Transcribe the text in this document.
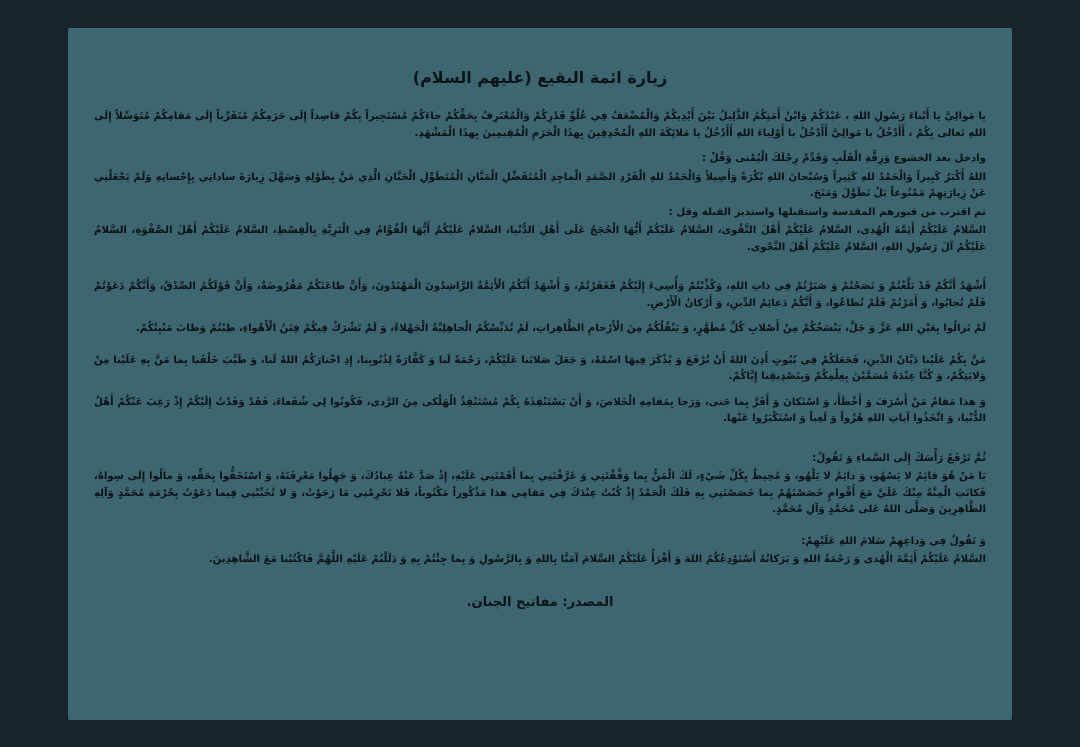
زيارة ائمة البقيع (عليهم السلام)

يا مَوالِيَّ يا أَبْناءَ رَسُولِ اللهِ ، عَبْدُكُمْ وَابْنُ أَمَتِكُمُ الذَّلِيلُ بَيْنَ أَيْدِيكُمْ وَالْمُضْعَفُ فِي عُلُوِّ قَدْرِكُمْ وَالْمُعْتَرِفُ بِحَقِّكُمْ جاءَكُمْ مُسْتَجِيراً بِكُمْ قاصِداً إِلَى حَرَمِكُمْ مُتَقَرِّباً إِلَى مَقامِكُمْ مُتَوَسِّلاً إِلَى اللهِ تَعالى بِكُمْ ، أَأَدْخُلُ يا مَوالِيَّ أَأَدْخُلُ يا أَوْلِياءَ اللهِ أَأَدْخُلُ يا مَلائِكَةَ اللهِ الْمُحْدِقِينَ بِهذَا الْحَرَمِ الْمُقِيمِينَ بِهذَا الْمَشْهَدِ.

وادخل بعد الخشوع وَرِقَّةِ الْقَلْبِ وَقَدِّمْ رِجْلَكَ الْيُمْنى وَقُلْ :

اللهُ أَكْبَرُ كَبِيراً وَالْحَمْدُ للهِ كَثِيراً وَسُبْحانَ اللهِ بُكْرَةً وَأَصِيلاً وَالْحَمْدُ للهِ الْفَرْدِ الصَّمَدِ الْماجِدِ الْمُتَفَضِّلِ الْمَنَّانِ الْمُتَطَوِّلِ الْحَنَّانِ الَّذِي مَنَّ بِطَوْلِهِ وَسَهَّلَ زِيارَةَ ساداتِي بِإِحْسانِهِ وَلَمْ يَجْعَلْنِي عَنْ زِيارَتِهِمْ مَمْنُوعاً بَلْ تَطَوَّلَ وَمَنَحَ.

ثم اقترب من قبورهم المقدسة واستقبلها واستدبر القبلة وقل :

السَّلامُ عَلَيْكُمْ أَئِمَّةَ الْهُدى، السَّلامُ عَلَيْكُمْ أَهْلَ التَّقْوى، السَّلامُ عَلَيْكُمْ أَيُّهَا الْحُجَجُ عَلَى أَهْلِ الدُّنْيا، السَّلامُ عَلَيْكُمُ أَيُّهَا الْقُوَّامُ فِي الْبَرِيَّةِ بِالْقِسْطِ، السَّلامُ عَلَيْكُمْ أَهْلَ الصَّفْوَةِ، السَّلامُ عَلَيْكُمْ آلَ رَسُولِ اللهِ، السَّلامُ عَلَيْكُمْ أَهْلَ النَّجْوى.

أَشْهَدُ أَنَّكُمْ قَدْ بَلَّغْتُمْ وَ نَصَحْتُمْ وَ صَبَرْتُمْ فِي ذاتِ اللهِ، وَكُذِّبْتُمْ وَأُسِيءَ إِلَيْكُمْ فَغَفَرْتُمْ، وَ أَشْهَدُ أَنَّكُمُ الْأَئِمَّةُ الرَّاشِدُونَ الْمَهْتَدُونَ، وَأَنَّ طاعَتَكُمْ مَفْرُوضَةٌ، وَأَنَّ قَوْلَكُمُ الصِّدْقُ، وَأَنَّكُمْ دَعَوْتُمْ فَلَمْ تُجابُوا، وَ أَمَرْتُمْ فَلَمْ تُطاعُوا، وَ أَنَّكُمْ دَعائِمُ الدِّينِ، وَ أَرْكانُ الْأَرْضِ.

لَمْ تَزالُوا بِعَيْنِ اللهِ عَزَّ وَ جَلَّ، يَنْسَخُكُمْ مِنْ أَصْلابِ كُلِّ مُطَهَّرٍ، وَ يَنْقُلُكُمْ مِنَ الْأَرْحامِ الطَّاهِراتِ، لَمْ تُدَنِّسْكُمُ الْجاهِلِيَّةُ الْجَهْلاءُ، وَ لَمْ تَشْرَكْ فِيكُمْ فِتَنُ الْأَهْواءِ، طِبْتُمْ وَطابَ مَنْبِتُكُمْ.

مَنَّ بِكُمْ عَلَيْنا دَيَّانُ الدِّينِ، فَجَعَلَكُمْ فِي بُيُوتٍ أَذِنَ اللهُ أَنْ تُرْفَعَ وَ يُذْكَرَ فِيهَا اسْمُهُ، وَ جَعَلَ صَلاتَنا عَلَيْكُمْ، رَحْمَةً لَنا وَ كَفَّارَةً لِذُنُوبِنا، إِذِ اخْتارَكُمُ اللهُ لَنا، وَ طَيَّبَ خَلْقَنا بِما مَنَّ بِهِ عَلَيْنا مِنْ وَلايَتِكُمْ، وَ كُنَّا عِنْدَهُ مُسَمَّيْنَ بِعِلْمِكُمْ وَبِتَصْدِيقِنا إِيَّاكُمْ.

وَ هذا مَقامُ مَنْ أَسْرَفَ وَ أَخْطَأَ، وَ اسْتَكانَ وَ أَقَرَّ بِما جَنى، وَرَجا بِمَقامِهِ الْخَلاصَ، وَ أَنْ يَسْتَنْقِذَهُ بِكُمْ مُسْتَنْقِذُ الْهَلْكى مِنَ الرَّدى، فَكُونُوا لِي شُفَعاءَ، فَقَدْ وَفَدْتُ إِلَيْكُمْ إِذْ رَغِبَ عَنْكُمْ أَهْلُ الدُّنْيا، وَ اتَّخَذُوا آياتِ اللهِ هُزُواً وَ لَعِباً وَ اسْتَكْبَرُوا عَنْها.

ثُمَّ تَرْفَعُ رَأْسَكَ إِلَى السَّماءِ وَ تَقُولُ:

يَا مَنْ هُوَ قائِمٌ لا يَسْهُو، وَ دائِمٌ لا يَلْهُو، وَ مُحِيطٌ بِكُلِّ شَيْءٍ، لَكَ الْمَنُّ بِما وَفَّقْتَنِي وَ عَرَّفْتَنِي بِما أَقَمْتَنِي عَلَيْهِ، إِذْ صَدَّ عَنْهُ عِبادُكَ، وَ جَهِلُوا مَعْرِفَتَهُ، وَ اسْتَخَفُّوا بِحَقِّهِ، وَ مالُوا إِلَى سِواهُ، فَكانَتِ الْمِنَّةُ مِنْكَ عَلَيَّ مَعَ أَقْوامٍ خَصَصْتَهُمْ بِما خَصَصْتَنِي بِهِ فَلَكَ الْحَمْدُ إِذْ كُنْتُ عِنْدَكَ فِي مَقامِي هذا مَذْكُوراً مَكْتُوباً، فَلا تَحْرِمْنِي مَا رَجَوْتُ، وَ لا تُخَيِّبْنِي فِيما دَعَوْتُ بِحُرْمَةِ مُحَمَّدٍ وَآلِهِ الطَّاهِرِينَ وَصَلَّى اللهُ عَلى مُحَمَّدٍ وَآلِ مُحَمَّدٍ.

وَ تَقُولُ فِي وَداعِهِمْ سَلامَ اللهِ عَلَيْهِمْ:

السَّلامُ عَلَيْكُمْ أَئِمَّةَ الْهُدى وَ رَحْمَةُ اللهِ وَ بَرَكاتُهُ أَسْتَوْدِعُكُمُ اللهَ وَ أَقْرَأُ عَلَيْكُمُ السَّلامَ آمَنَّا بِاللهِ وَ بِالرَّسُولِ وَ بِما جِئْتُمْ بِهِ وَ دَلَلْتُمْ عَلَيْهِ اللَّهُمَّ فَاكْتُبْنا مَعَ الشَّاهِدِينَ.

المصدر: مفاتيح الجنان.
